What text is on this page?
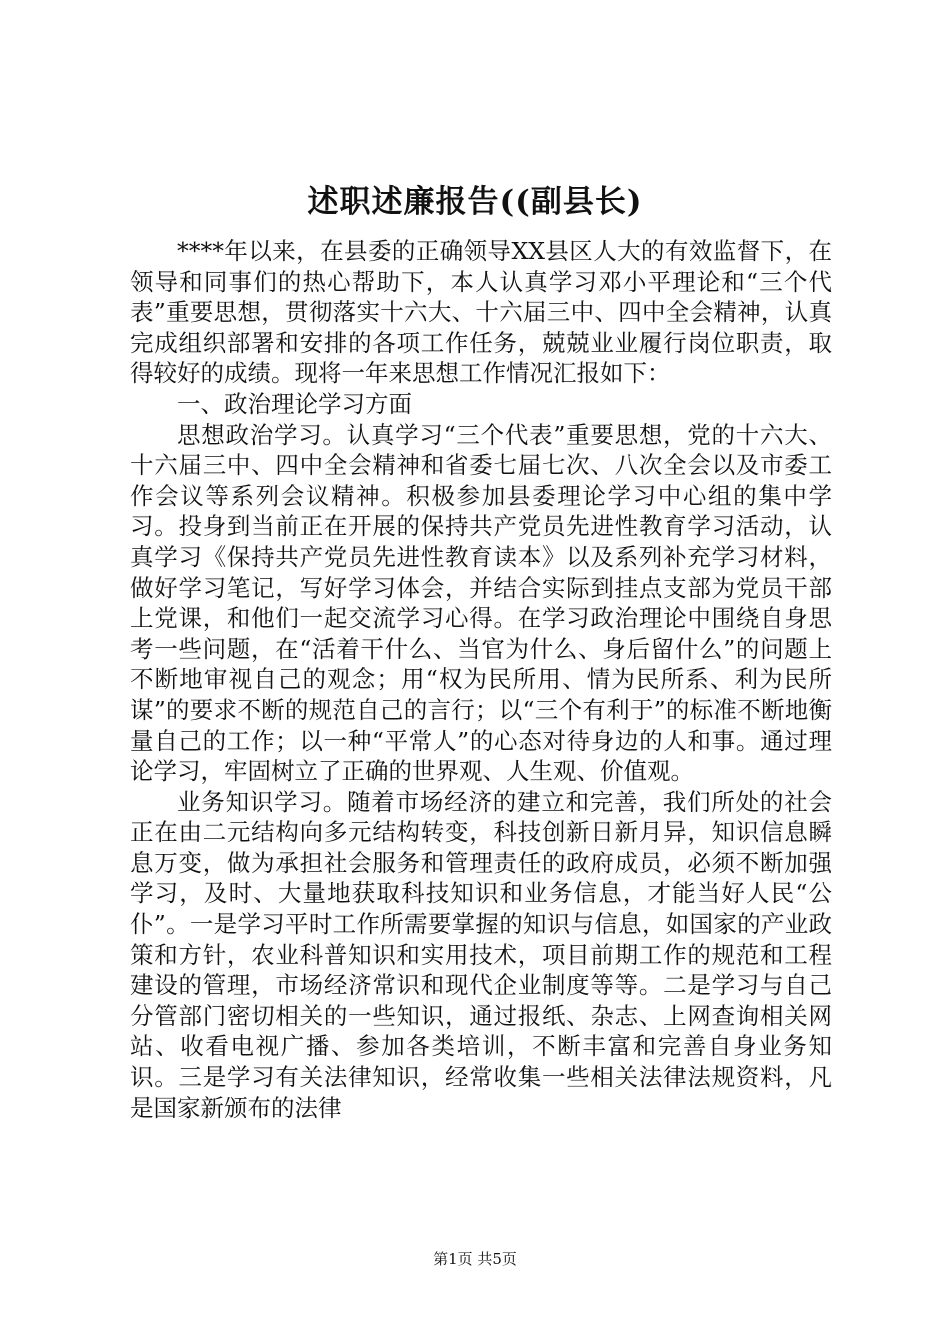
述职述廉报告((副县长)

****年以来，在县委的正确领导XX县区人大的有效监督下，在领导和同事们的热心帮助下，本人认真学习邓小平理论和“三个代表”重要思想，贯彻落实十六大、十六届三中、四中全会精神，认真完成组织部署和安排的各项工作任务，兢兢业业履行岗位职责，取得较好的成绩。现将一年来思想工作情况汇报如下：

一、政治理论学习方面

思想政治学习。认真学习“三个代表”重要思想，党的十六大、十六届三中、四中全会精神和省委七届七次、八次全会以及市委工作会议等系列会议精神。积极参加县委理论学习中心组的集中学习。投身到当前正在开展的保持共产党员先进性教育学习活动，认真学习《保持共产党员先进性教育读本》以及系列补充学习材料，做好学习笔记，写好学习体会，并结合实际到挂点支部为党员干部上党课，和他们一起交流学习心得。在学习政治理论中围绕自身思考一些问题，在“活着干什么、当官为什么、身后留什么”的问题上不断地审视自己的观念；用“权为民所用、情为民所系、利为民所谋”的要求不断的规范自己的言行；以“三个有利于”的标准不断地衡量自己的工作；以一种“平常人”的心态对待身边的人和事。通过理论学习，牢固树立了正确的世界观、人生观、价值观。

业务知识学习。随着市场经济的建立和完善，我们所处的社会正在由二元结构向多元结构转变，科技创新日新月异，知识信息瞬息万变，做为承担社会服务和管理责任的政府成员，必须不断加强学习，及时、大量地获取科技知识和业务信息，才能当好人民“公仆”。一是学习平时工作所需要掌握的知识与信息，如国家的产业政策和方针，农业科普知识和实用技术，项目前期工作的规范和工程建设的管理，市场经济常识和现代企业制度等等。二是学习与自己分管部门密切相关的一些知识，通过报纸、杂志、上网查询相关网站、收看电视广播、参加各类培训，不断丰富和完善自身业务知识。三是学习有关法律知识，经常收集一些相关法律法规资料，凡是国家新颁布的法律

第1页 共5页
